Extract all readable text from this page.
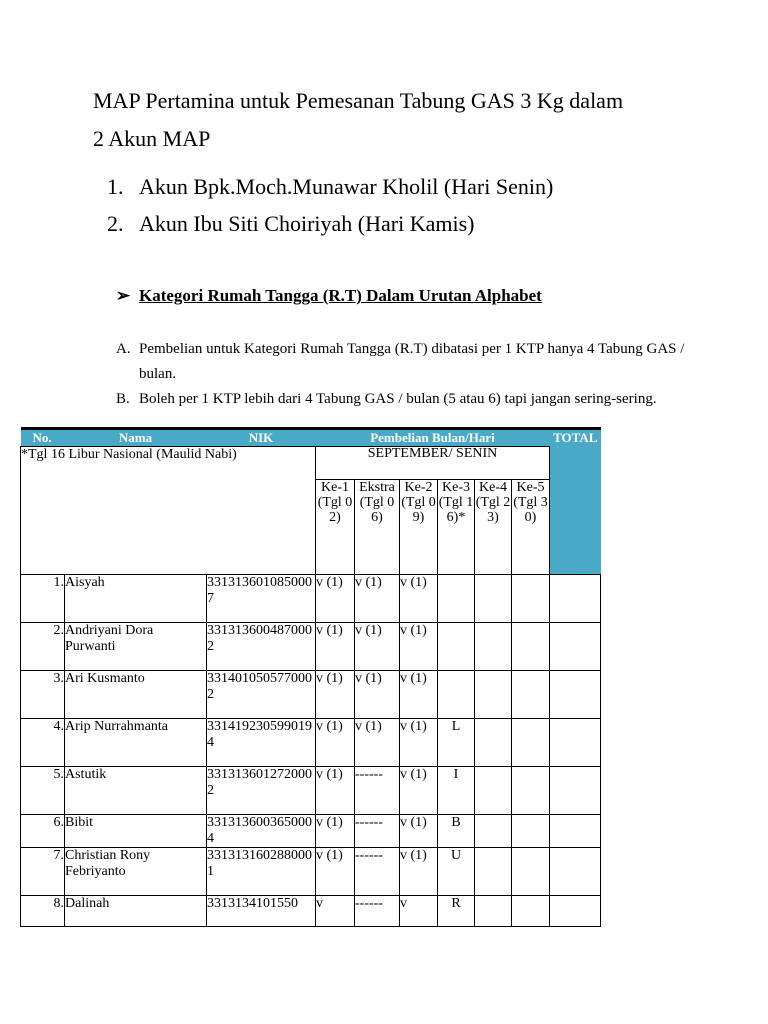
MAP Pertamina untuk Pemesanan Tabung GAS 3 Kg dalam
2 Akun MAP
1. Akun Bpk.Moch.Munawar Kholil (Hari Senin)
2. Akun Ibu Siti Choiriyah (Hari Kamis)
➢ Kategori Rumah Tangga (R.T) Dalam Urutan Alphabet
A. Pembelian untuk Kategori Rumah Tangga (R.T) dibatasi per 1 KTP hanya 4 Tabung GAS / bulan.
B. Boleh per 1 KTP lebih dari 4 Tabung GAS / bulan (5 atau 6) tapi jangan sering-sering.
No.	Nama	NIK	Pembelian Bulan/Hari						TOTAL
*Tgl 16 Libur Nasional (Maulid Nabi)			SEPTEMBER/ SENIN						
			Ke-1 (Tgl 02)	Ekstra (Tgl 06)	Ke-2 (Tgl 09)	Ke-3 (Tgl 16)*	Ke-4 (Tgl 23)	Ke-5 (Tgl 30)	
1.	Aisyah	3313136010850007	v (1)	v (1)	v (1)				
2.	Andriyani Dora Purwanti	3313136004870002	v (1)	v (1)	v (1)				
3.	Ari Kusmanto	3314010505770002	v (1)	v (1)	v (1)				
4.	Arip Nurrahmanta	3314192305990194	v (1)	v (1)	v (1)	L			
5.	Astutik	3313136012720002	v (1)	------	v (1)	I			
6.	Bibit	3313136003650004	v (1)	------	v (1)	B			
7.	Christian Rony Febriyanto	3313131602880001	v (1)	------	v (1)	U			
8.	Dalinah	3313134101550	v	------	v	R			
